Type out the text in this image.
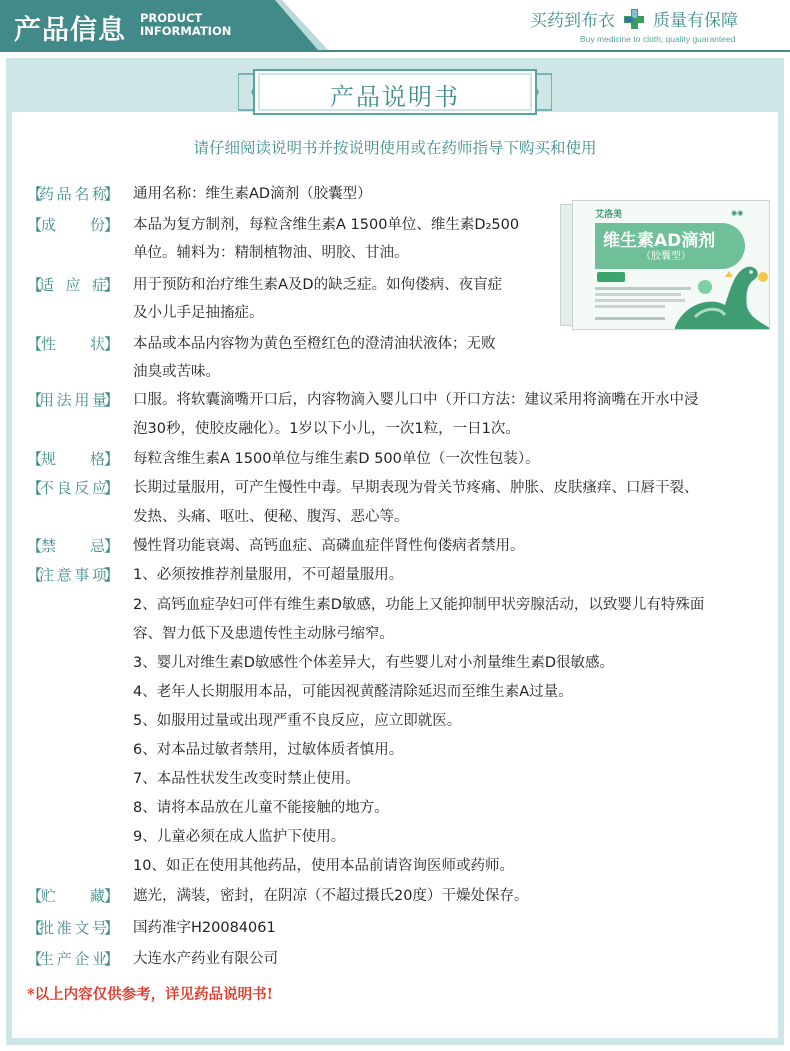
产品信息 PRODUCT
INFORMATION	买药到布衣 质量有保障
Buy medicine to cloth, quality guaranteed
产品说明书
请仔细阅读说明书并按说明使用或在药师指导下购买和使用
艾洛美	◉◉
维生素AD滴剂
（胶囊型）
【
药 品 名 称
】 通用名称：维生素AD滴剂（胶囊型）
【
成 份
】 本品为复方制剂，每粒含维生素A 1500单位、维生素D₂500
单位。辅料为：精制植物油、明胶、甘油。
【
适 应 症
】 用于预防和治疗维生素A及D的缺乏症。如佝偻病、夜盲症
及小儿手足抽搐症。
【
性 状
】 本品或本品内容物为黄色至橙红色的澄清油状液体；无败
油臭或苦味。
【
用 法 用 量
】 口服。将软囊滴嘴开口后，内容物滴入婴儿口中（开口方法：建议采用将滴嘴在开水中浸
泡30秒，使胶皮融化）。1岁以下小儿，一次1粒，一日1次。
【
规 格
】 每粒含维生素A 1500单位与维生素D 500单位（一次性包装）。
【
不 良 反 应
】 长期过量服用，可产生慢性中毒。早期表现为骨关节疼痛、肿胀、皮肤瘙痒、口唇干裂、
发热、头痛、呕吐、便秘、腹泻、恶心等。
【
禁 忌
】 慢性肾功能衰竭、高钙血症、高磷血症伴肾性佝偻病者禁用。
【
注 意 事 项
】 1、必须按推荐剂量服用，不可超量服用。
2、高钙血症孕妇可伴有维生素D敏感，功能上又能抑制甲状旁腺活动，以致婴儿有特殊面
容、智力低下及患遗传性主动脉弓缩窄。
3、婴儿对维生素D敏感性个体差异大，有些婴儿对小剂量维生素D很敏感。
4、老年人长期服用本品，可能因视黄醛清除延迟而至维生素A过量。
5、如服用过量或出现严重不良反应，应立即就医。
6、对本品过敏者禁用，过敏体质者慎用。
7、本品性状发生改变时禁止使用。
8、请将本品放在儿童不能接触的地方。
9、儿童必须在成人监护下使用。
10、如正在使用其他药品，使用本品前请咨询医师或药师。
【
贮 藏
】 遮光，满装，密封，在阴凉（不超过摄氏20度）干燥处保存。
【
批 准 文 号
】 国药准字H20084061
【
生 产 企 业
】 大连水产药业有限公司
*以上内容仅供参考，详见药品说明书!
